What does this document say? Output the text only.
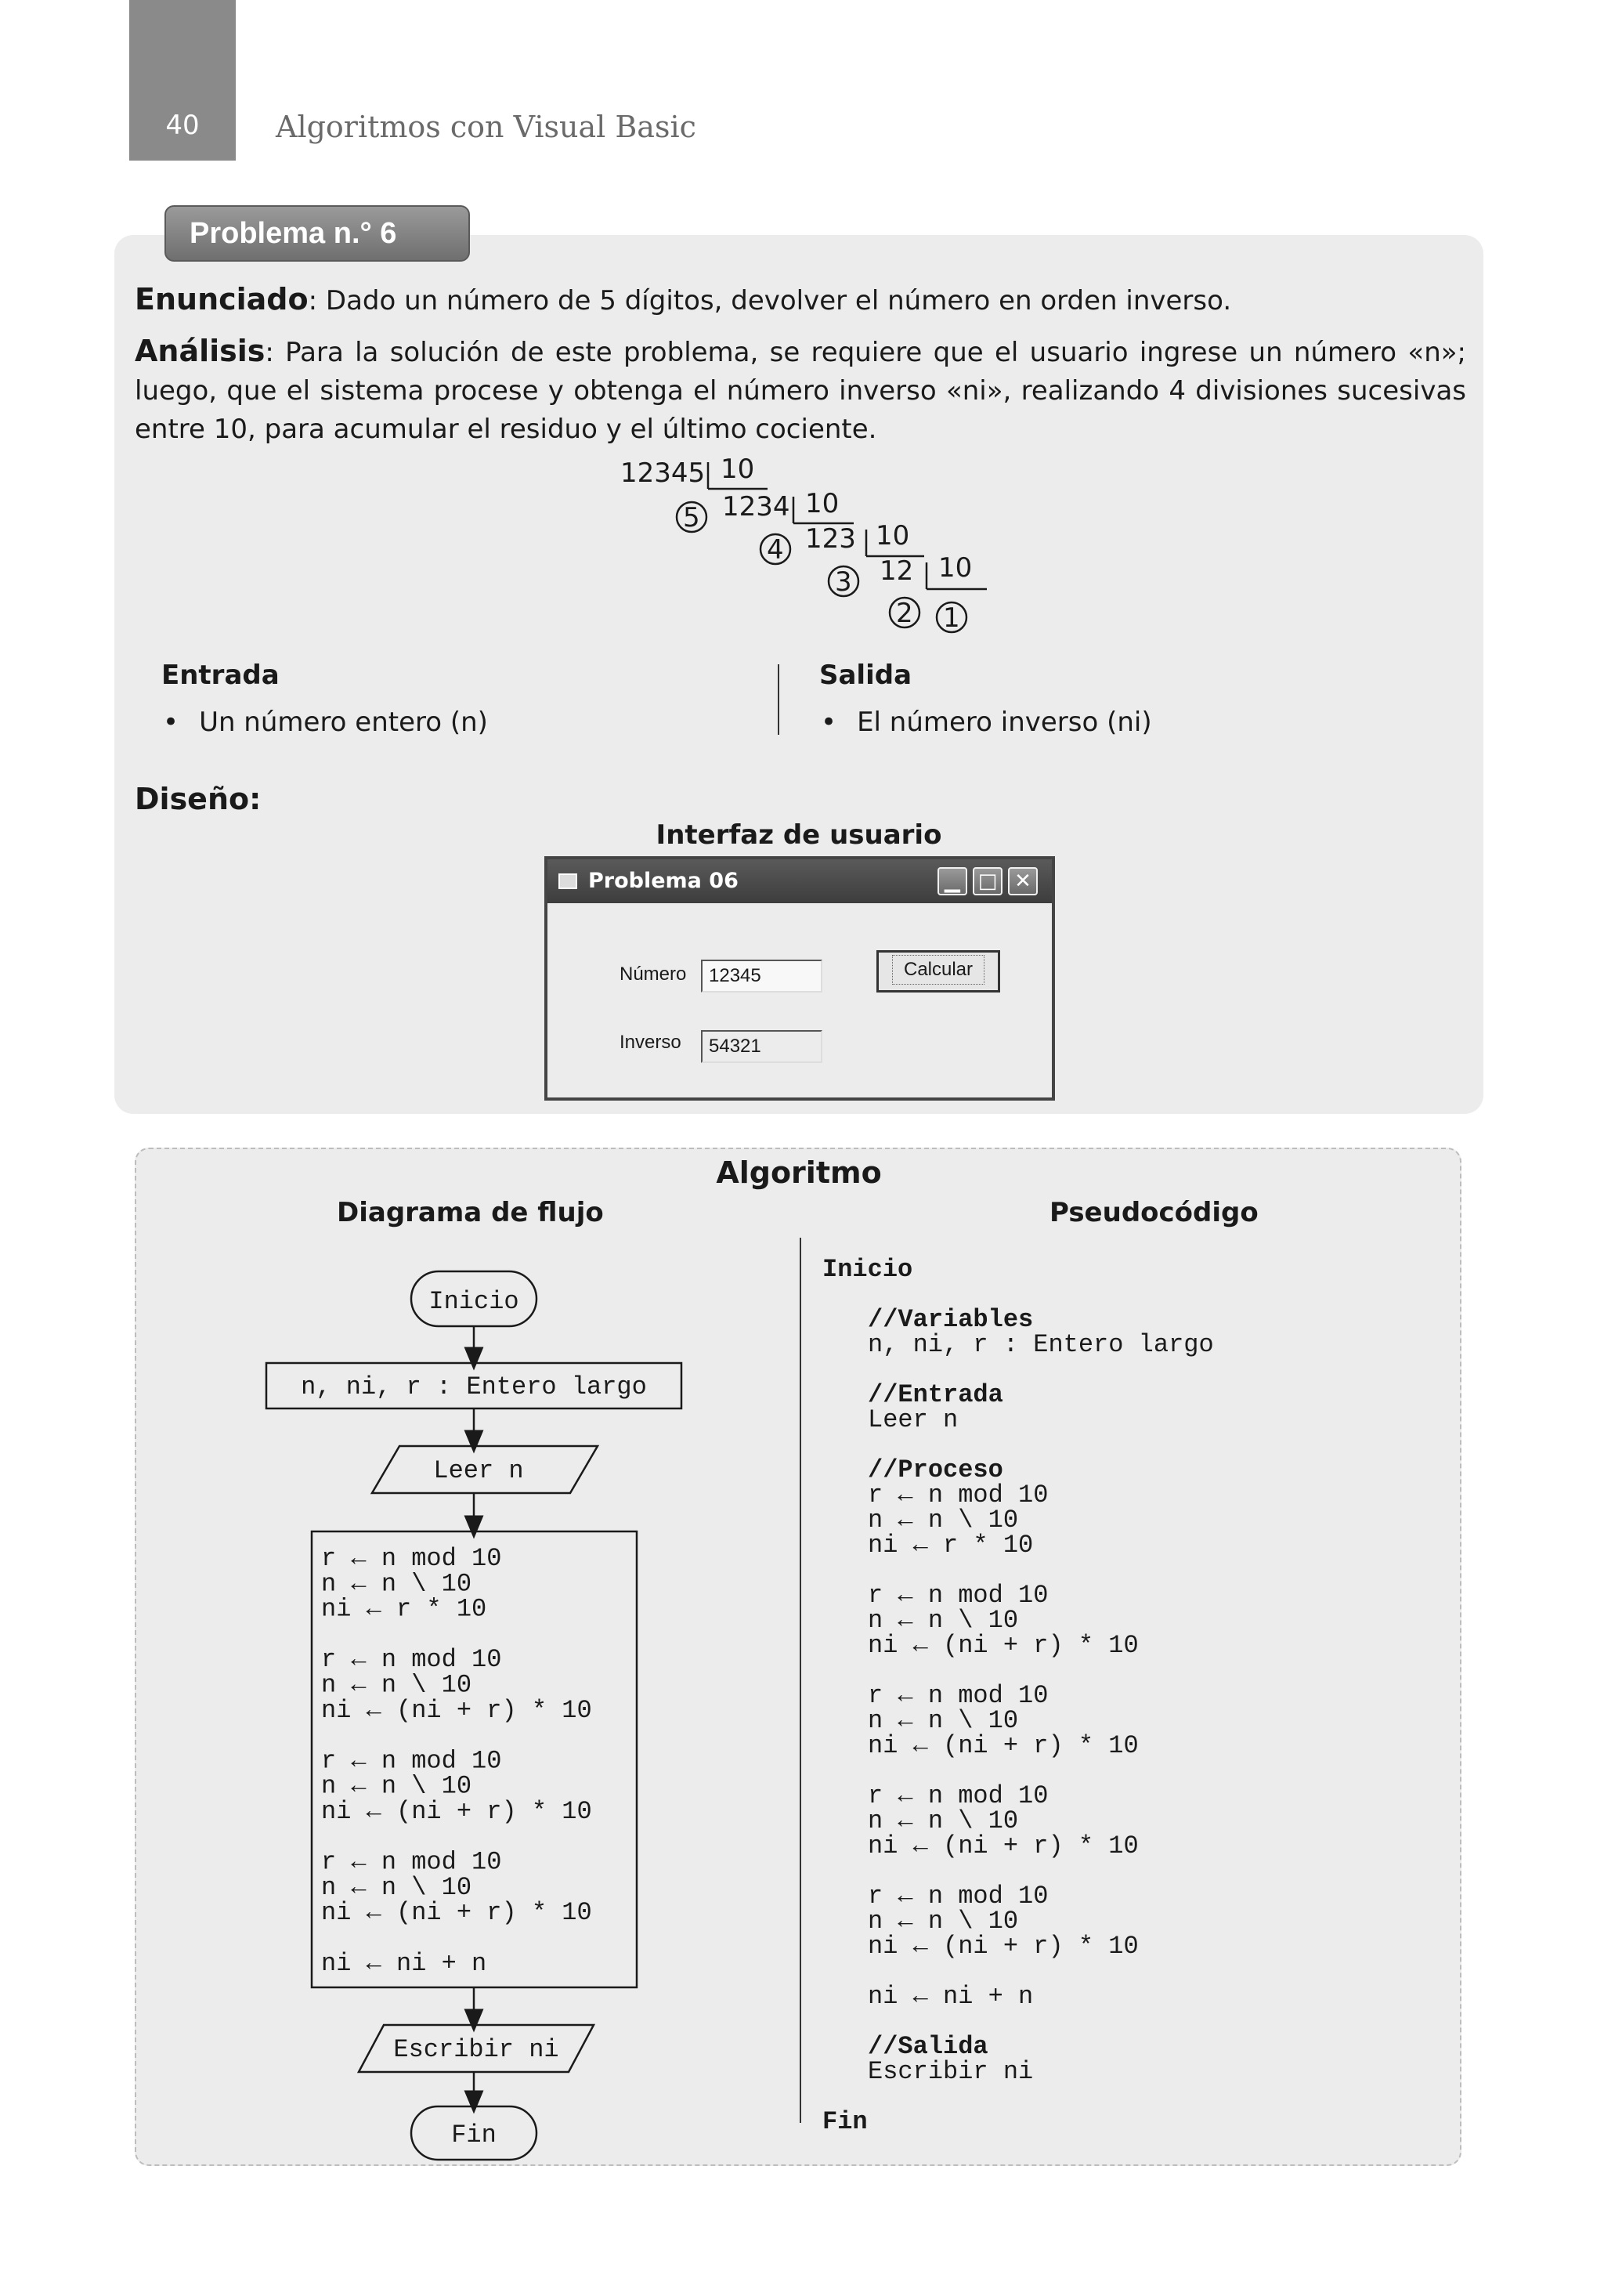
40	Algoritmos con Visual Basic
Problema n.° 6
Enunciado: Dado un número de 5 dígitos, devolver el número en orden inverso.
Análisis: Para la solución de este problema, se requiere que el usuario ingrese un número «n»; luego, que el sistema procese y obtenga el número inverso «ni», realizando 4 divisiones sucesivas entre 10, para acumular el residuo y el último cociente.
12345 10
5 1234 10
4 123 10
3 12 10
2 1
Entrada
• Un número entero (n)
Salida
• El número inverso (ni)
Diseño:
Interfaz de usuario
Problema 06	▁ □ ✕
Número	12345
Inverso	54321
Calcular
Algoritmo
Diagrama de flujo	Pseudocódigo
Inicio
n, ni, r : Entero largo
Leer n
r ← n mod 10
n ← n \ 10
ni ← r * 10
r ← n mod 10
n ← n \ 10
ni ← (ni + r) * 10
r ← n mod 10
n ← n \ 10
ni ← (ni + r) * 10
r ← n mod 10
n ← n \ 10
ni ← (ni + r) * 10
ni ← ni + n
Escribir ni
Fin
Inicio
//Variables
n, ni, r : Entero largo
//Entrada
Leer n
//Proceso
r ← n mod 10
n ← n \ 10
ni ← r * 10
r ← n mod 10
n ← n \ 10
ni ← (ni + r) * 10
r ← n mod 10
n ← n \ 10
ni ← (ni + r) * 10
r ← n mod 10
n ← n \ 10
ni ← (ni + r) * 10
r ← n mod 10
n ← n \ 10
ni ← (ni + r) * 10
ni ← ni + n
//Salida
Escribir ni
Fin
